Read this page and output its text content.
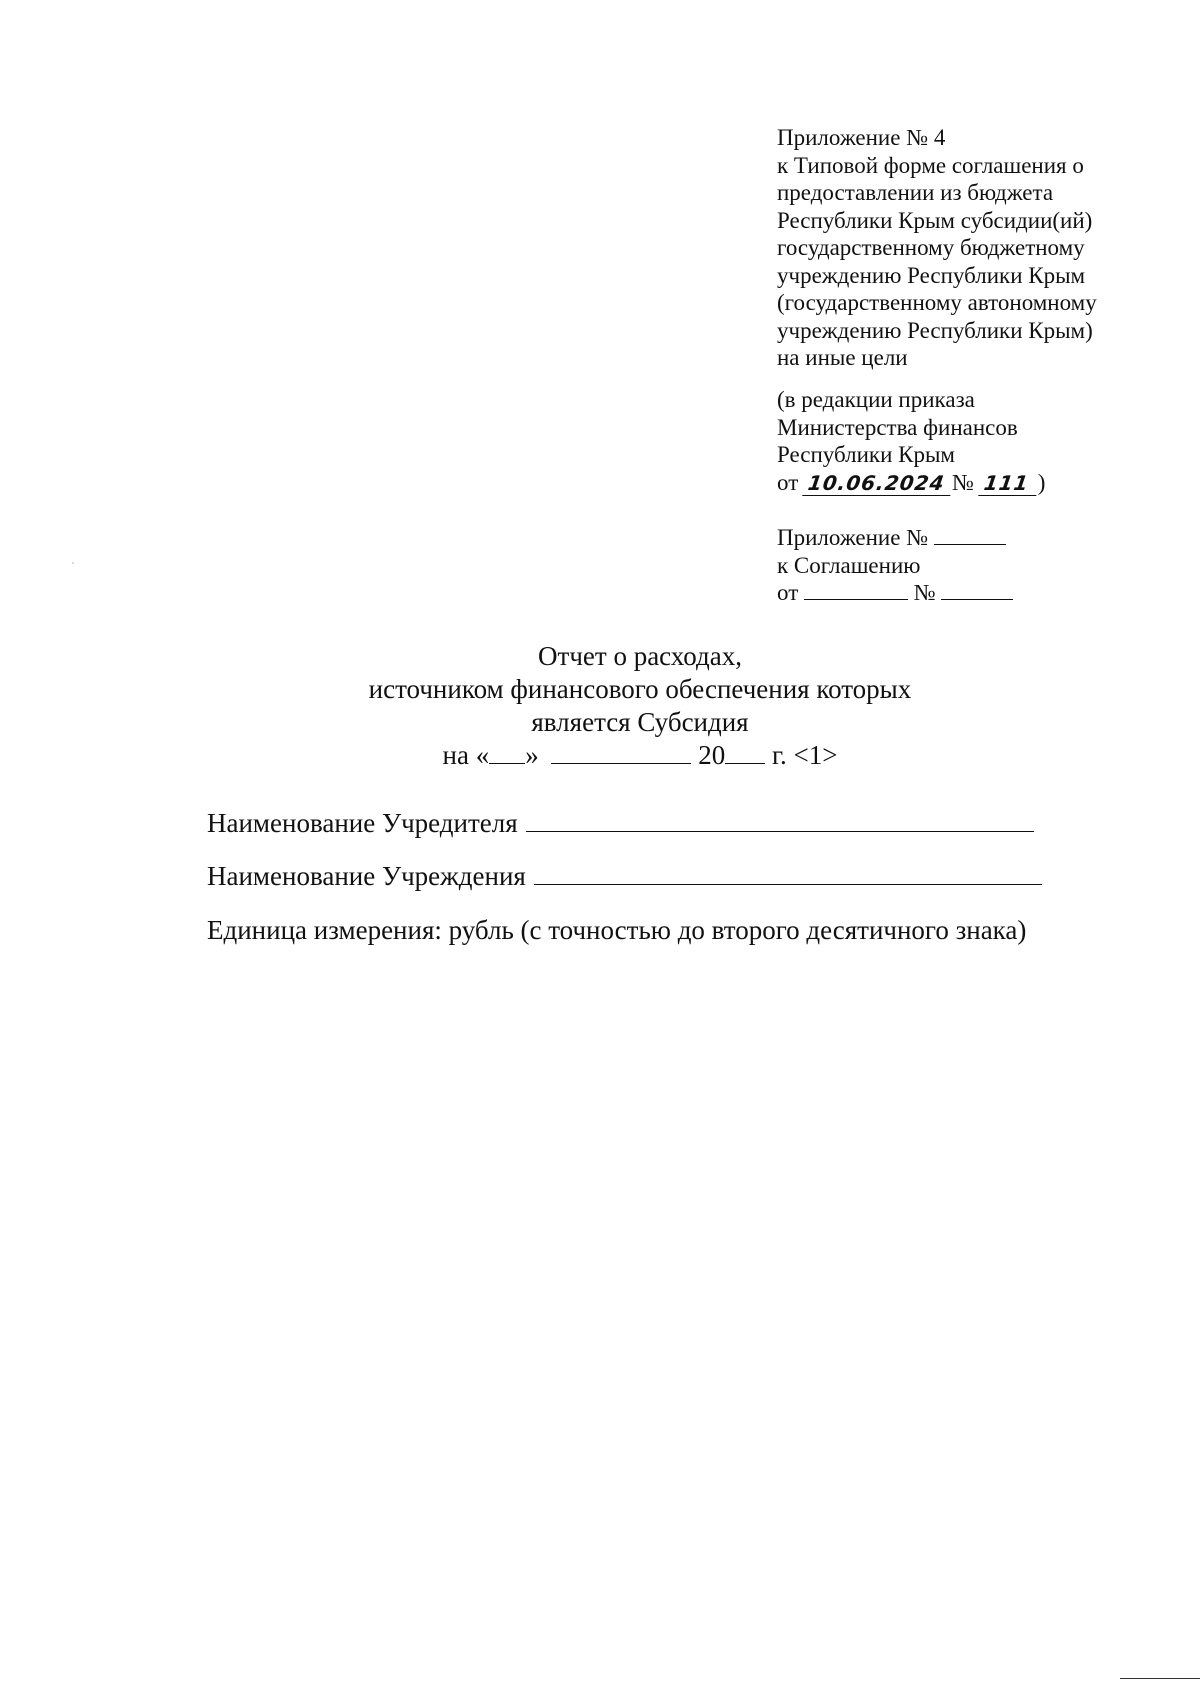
Приложение № 4
к Типовой форме соглашения о
предоставлении из бюджета
Республики Крым субсидии(ий)
государственному бюджетному
учреждению Республики Крым
(государственному автономному
учреждению Республики Крым)
на иные цели
(в редакции приказа
Министерства финансов
Республики Крым
от 10.06.2024 № 111 )
Приложение №
к Соглашению
от	№
Отчет о расходах,
источником финансового обеспечения которых
является Субсидия
на « »	20 г. <1>
Наименование Учредителя
Наименование Учреждения
Единица измерения: рубль (с точностью до второго десятичного знака)
